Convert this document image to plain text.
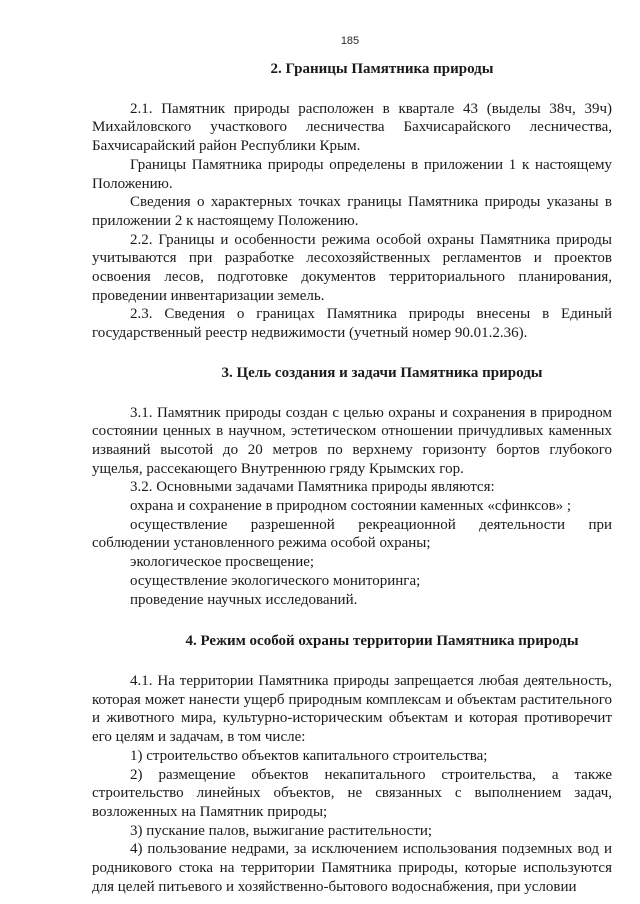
185
2. Границы Памятника природы

2.1. Памятник природы расположен в квартале 43 (выделы 38ч, 39ч) Михайловского участкового лесничества Бахчисарайского лесничества, Бахчисарайский район Республики Крым.

Границы Памятника природы определены в приложении 1 к настоящему Положению.

Сведения о характерных точках границы Памятника природы указаны в приложении 2 к настоящему Положению.

2.2. Границы и особенности режима особой охраны Памятника природы учитываются при разработке лесохозяйственных регламентов и проектов освоения лесов, подготовке документов территориального планирования, проведении инвентаризации земель.

2.3. Сведения о границах Памятника природы внесены в Единый государственный реестр недвижимости (учетный номер 90.01.2.36).

3. Цель создания и задачи Памятника природы

3.1. Памятник природы создан с целью охраны и сохранения в природном состоянии ценных в научном, эстетическом отношении причудливых каменных изваяний высотой до 20 метров по верхнему горизонту бортов глубокого ущелья, рассекающего Внутреннюю гряду Крымских гор.

3.2. Основными задачами Памятника природы являются:

охрана и сохранение в природном состоянии каменных «сфинксов» ;

осуществление разрешенной рекреационной деятельности при соблюдении установленного режима особой охраны;

экологическое просвещение;

осуществление экологического мониторинга;

проведение научных исследований.

4. Режим особой охраны территории Памятника природы

4.1. На территории Памятника природы запрещается любая деятельность, которая может нанести ущерб природным комплексам и объектам растительного и животного мира, культурно-историческим объектам и которая противоречит его целям и задачам, в том числе:

1) строительство объектов капитального строительства;

2) размещение объектов некапитального строительства, а также строительство линейных объектов, не связанных с выполнением задач, возложенных на Памятник природы;

3) пускание палов, выжигание растительности;

4) пользование недрами, за исключением использования подземных вод и родникового стока на территории Памятника природы, которые используются для целей питьевого и хозяйственно-бытового водоснабжения, при условии
